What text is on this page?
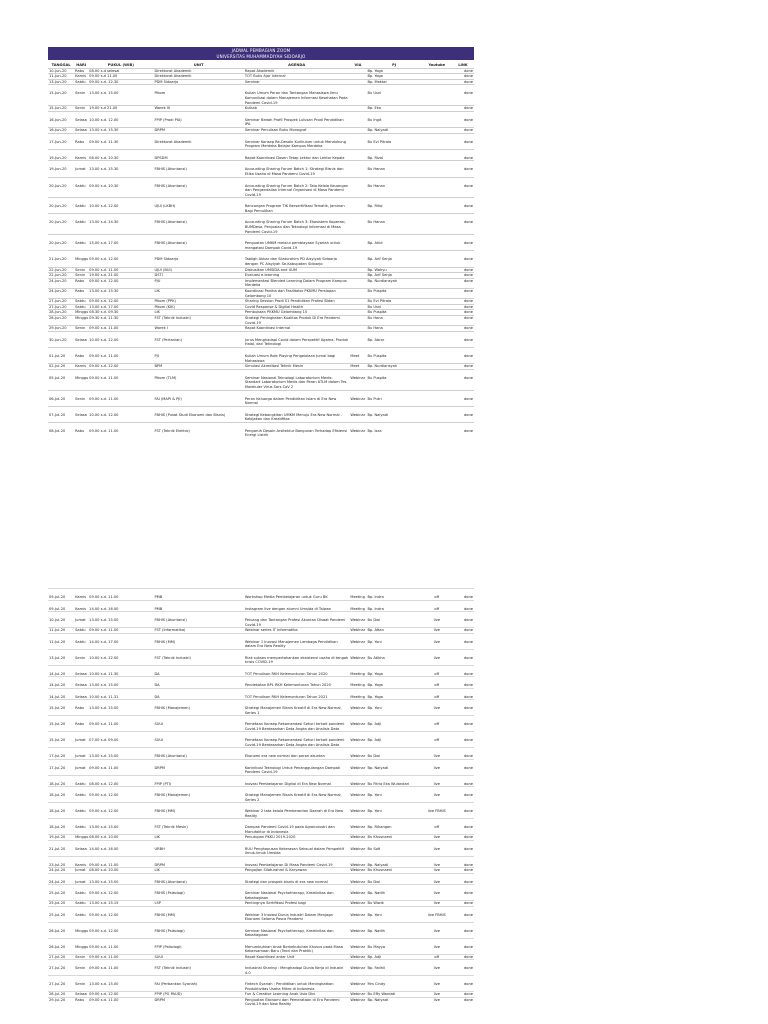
JADWAL PEMBAGIAN ZOOM
UNIVERSITAS MUHAMMADIYAH SIDOARJO
TANGGAL	HARI	PUKUL (WIB)	UNIT	AGENDA	VIA	PJ	Youtube	LINK
10-Jun-20	Rabu	08.00 s.d selesai	Direktorat Akademik	Rapat Akademik		Bp. Yoga		done
11-Jun-20	Kamis	09.00 s.d 11.00	Direktorat Akademik	TOT Buku Ajar Internal		Bp. Yoga		done
13-Jun-20	Sabtu	09.00 s.d. 12.30	PDM Sidoarjo	Seminar		Bp. Mektar		done
15-Jun-20	Senin	13.00 s.d. 15.00	Pikom	Kuliah Umum Peran dan Tantangan Mahasiswa Ilmu Komunikasi dalam Manajemen Informasi Kesehatan Pada Pandemi Covid-19		Bu Usni		done
15-Jun-20	Senin	19.00 s.d 21.00	Warek III	Kulkab		Bp. Eko		done
16-Jun-20	Selasa	10.00 s.d. 12.00	FPIP (Prodi PIA)	Seminar Bedah Profil Prospek Lulusan Prodi Pendidikan IPA		Bu Ingit		done
16-Jun-20	Selasa	13.00 s.d. 15.30	DRPM	Seminar Penulisan Buku Monograf		Bp. Nalyadi		done
17-Jun-20	Rabu	09.00 s.d. 11.30	Direktorat Akademik	Seminar Konsep Re-Desain Kurikulum untuk Mendukung Program Merdeka Belajar Kampus Merdeka		Bu Evi Pitrala		done
19-Jun-20	Kamis	08.00 s.d. 10.30	DPSDM	Rapat Koordinasi Dosen Tetap Lektor dan Lektor Kepala		Bp. Rizal		done
19-Jun-20	Jumat	13.00 s.d. 15.30	FBHIS (Akuntansi)	Accounting Sharing Forum Batch 1: Strategi Bisnis dan Etika Usaha di Masa Pandemi Covid-19		Bu Hanan		done
20-Jun-20	Sabtu	09.00 s.d. 10.30	FBHIS (Akuntansi)	Accounting Sharing Forum Batch 2: Tata Kelola Keuangan dan Pengendalian Internal Organisasi di Masa Pandemi Covid-19		Bu Hanan		done
20-Jun-20	Sabtu	10.00 s.d. 12.00	UJUI (LKBH)	Rancangan Program TIK Bersertifikasi Tematik, Jaminan Bagi Pemulihan		Bp. Rifqi		done
20-Jun-20	Sabtu	13.00 s.d. 14.30	FBHIS (Akuntansi)	Accounting Sharing Forum Batch 3: Ekosistem Koperasi, BUMDesa, Penjualan dan Teknologi Informasi di Masa Pandemi Covid-19		Bu Hanan		done
20-Jun-20	Sabtu	15.00 s.d. 17.00	FBHIS (Akuntansi)	Penguatan UMKM melalui pembiayaan Syariah untuk mengatasi Dampak Covid-19		Bp. Ahid		done
21-Jun-20	Minggu	09.00 s.d. 12.00	PDM Sidoarjo	Tabligh Akbar dan Silaturahim PD Aisyiyah Sidoarjo dengan PC Aisyiyah Se-Kabupaten Sidoarjo		Bp. Arif Senja		done
22-Jun-20	Senin	09.00 s.d. 11.00	UJUI (BUI)	Diskusikan UMSIDA and UUM		Bp. Wahyu		done
22-Jun-20	Senin	19.00 s.d. 21.00	DSTI	Evaluasi e-learning		Bp. Arif Senja		done
24-Jun-20	Rabu	09.00 s.d. 12.00	PJU	Implementasi Blended Learning Dalam Program Kampus Merdeka		Bp. Nurdiansyah		done
24-Jun-20	Rabu	13.00 s.d. 15.30	LIK	Koordinasi Panitia dan Fasilitator PKKMU Persiapan Gelombang 10		Bu Puspita		done
27-Jun-20	Sabtu	09.00 s.d. 12.00	Pikom (PPK)	Sharing Session Prodi S1 Pendidikan Profesi Bidan		Bu Evi Pitrala		done
27-Jun-20	Sabtu	13.00 s.d. 17.00	Pikom (KIK)	Covid Response & Digital Health		Bu Usni		done
28-Jun-20	Minggu	08.30 s.d. 09.30	LIK	Pembukaan PKKMU Gelombang 10		Bu Puspita		done
28-Jun-20	Minggu	09.30 s.d. 11.30	FST (Teknik Industri)	Strategi Peningkatan Kualitas Produk Di Era Pandemi Covid-19		Bu Hana		done
29-Jun-20	Senin	09.00 s.d. 11.00	Warek I	Rapat Koordinasi Internal		Bu Hana		done
30-Jun-20	Selasa	10.00 s.d. 12.00	FST (Pertanian)	Jurus Menghadapi Covid dalam Perspektif Agama, Produk Halal, dan Teknologi		Bp. Abror		done
01-Jul-20	Rabu	09.00 s.d. 11.00	PJI	Kuliah Umum Role Playing Pengelolaan Jurnal bagi Mahasiswa	Meet	Bu Puspita		done
02-Jul-20	Kamis	09.00 s.d. 12.00	BPM	Simulasi Akreditasi Teknik Mesin	Meet	Bp. Nurdiansyah		done
05-Jul-20	Minggu	09.00 s.d. 11.00	Pikom (TLM)	Seminar Nasional Teknologi Laboratorium Medis: Standart Laboratorium Medis dan Peran ATLM dalam Tes Molekuler Virus Sars CoV 2	Webinar	Bu Puspita		done
06-Jul-20	Senin	09.00 s.d. 11.00	FAI (MAPI & PJI)	Peran Keluarga dalam Pendidikan Islam di Era New Normal	Webinar	Bu Putri		done
07-Jul-20	Selasa	10.00 s.d. 12.00	FBHIS (Pusat Studi Ekonomi dan Bisnis)	Strategi Kebangkitan UMKM Menuju Era New Normal - Kebijakan dan Kreatifitas	Webinar	Bp. Nalyadi		done
08-Jul-20	Rabu	09.00 s.d. 11.00	FST (Teknik Elektro)	Pengaruh Desain Arsitektur Bangunan Terhadap Efisiensi Energi Listrik	Webinar	Bp. Izza		done
09-Jul-20	Kamis	09.00 s.d. 11.00	PMB	Workshop Media Pembelajaran untuk Guru BK	Meeting	Bp. Indra	off	done
09-Jul-20	Kamis	14.00 s.d. 16.00	PMB	Instagram live dengan alumni Umsida di Taiwan	Meeting	Bp. Indra	off	done
10-Jul-20	Jumat	13.00 s.d. 15.00	FBHIS (Akuntansi)	Peluang dan Tantangan Profesi Akuntan Disaat Pandemi Covid-19	Webinar	Bu Dwi	live	done
11-Jul-20	Sabtu	09.00 s.d. 11.00	FST (Informatika)	Webinar series IT Informatika	Webinar	Bp. Aftan	live	done
11-Jul-20	Sabtu	14.00 s.d. 17.00	FBHIS (MM)	Webinar 1 Inovasi Manajemen Lembaga Pendidikan dalam Era New Reality	Webinar	Bp. Yoni	live	done
13-Jul-20	Senin	10.00 s.d. 12.00	FST (Teknik Industri)	Riak sukses mempertahankan eksistensi usaha di tengah krisis COVID-19	Webinar	Bu Atikha	live	done
14-Jul-20	Selasa	10.00 s.d. 11.30	DA	TOT Penulisan RKH Kelemonturan Tahun 2020	Meeting	Bp. Yoga	off	done
14-Jul-20	Selasa	13.00 s.d. 15.00	DA	Pendekatan BPL RKH Kelemonturan Tahun 2020	Meeting	Bp. Yoga	off	done
14-Jul-20	Selasa	10.00 s.d. 11.31	DA	TOT Penulisan RKH Kelemonturan Tahun 2021	Meeting	Bp. Yoga	off	done
15-Jul-20	Rabu	13.00 s.d. 15.00	FBHIS (Manajemen)	Strategi Manajemen Bisnis Kreatif di Era New Normal, Series 1	Webinar	Bp. Yoni	live	done
15-Jul-20	Rabu	09.00 s.d. 11.00	SUUI	Pemetaan Konsep Rekomendasi Sekuri terkait pandemi Covid-19 Berdasarkan Data Angka dan Analisis Data	Webinar	Bp. Adji	off	done
15-Jul-20	Jumat	07.00 s.d. 09.00	SUUI	Pemetaan Konsep Rekomendasi Sekuri terkait pandemi Covid-19 Berdasarkan Data Angka dan Analisis Data	Webinar	Bp. Adji	off	done
17-Jul-20	Jumat	13.00 s.d. 15.00	FBHIS (Akuntansi)	Ekonomi era new normal dan peran akuntan	Webinar	Bu Dwi	live	done
17-Jul-20	Jumat	09.00 s.d. 11.00	DRPM	Kontribusi Teknologi Untuk Penanggulangan Dampak Pandemi Covid-19	Webinar	Bp. Nalyadi	live	done
18-Jul-20	Sabtu	08.00 s.d. 12.00	FPIP (PTI)	Inovasi Pembelajaran Digital di Era New Normal	Webinar	Bu Fitria Eka Wulandari	live	done
18-Jul-20	Sabtu	09.00 s.d. 12.00	FBHIS (Manajemen)	Strategi Manajemen Bisnis Kreatif di Era New Normal, Series 2	Webinar	Bp. Yoni	live	done
18-Jul-20	Sabtu	09.00 s.d. 12.00	FBHIS (MM)	Webinar 2 tata kelola Pemberontan Daerah di Era New Reality	Webinar	Bp. Yoni	live FBHIS	done
18-Jul-20	Sabtu	13.00 s.d. 15.00	FST (Teknik Mesin)	Dampak Pandemi Covid-19 pada Agroindustri dan Manufaktur di Indonesia	Webinar	Bp. Rihangan	off	done
19-Jul-20	Minggu	08.00 s.d. 10.00	LIK	Penutupan PKKU 2019-2020	Webinar	Bu Khusnaeni	live	done
21-Jul-20	Selasa	14.00 s.d. 16.00	URBH	RUU Penghapusan Kekerasan Seksual dalam Perspektif Ilmuk-ilmuk Umsida	Webinar	Bu Sofi	live	done
23-Jul-20	Kamis	09.00 s.d. 11.00	DRPM	Inovasi Pembelajaran Di Masa Pandemi Covid-19	Webinar	Bp. Nalyadi	live	done
24-Jul-20	Jumat	08.00 s.d. 10.00	LIK	Pengajian Silaturahmi & Karyawan	Webinar	Bu Khusnaeni	live	done
24-Jul-20	Jumat	13.00 s.d. 15.00	FBHIS (Akuntansi)	Strategi dan prospek bisnis di era new normal	Webinar	Bu Dwi	live	done
25-Jul-20	Sabtu	09.00 s.d. 12.00	FBHIS (Psikologi)	Seminar Nasional Psychotherapy, Kreativitas dan Kebahagiaan	Webinar	Bp. Nadih	live	done
25-Jul-20	Sabtu	13.00 s.d. 15.15	LSP	Pentingnya Sertifikasi Profesi bagi	Webinar	Bu Wiwik	live	done
25-Jul-20	Sabtu	09.00 s.d. 12.00	FBHIS (MM)	Webinar 3 Inovasi Dunia Industri Dalam Menjaga Ekonomi Selama Pasca Pandemi	Webinar	Bp. Yoni	live FBHIS	done
26-Jul-20	Minggu	09.00 s.d. 12.00	FBHIS (Psikologi)	Seminar Nasional Psychotherapy, Kreativitas dan Kebahagiaan	Webinar	Bp. Nadih	live	done
26-Jul-20	Minggu	09.00 s.d. 11.00	FPIP (Psikologi)	Menumbuhkan Anak Berkebutuhan Khusus pada Masa Kebersamaan Baru (Teori dan Praktik)	Webinar	Bu Mayya	live	done
27-Jul-20	Senin	09.00 s.d. 11.00	SUUI	Rapat Koordinasi antar Unit	Webinar	Bp. Adji	off	done
27-Jul-20	Senin	09.00 s.d. 11.00	FST (Teknik Industri)	Industrial Sharing : Menghadapi Dunia Kerja di Industri 4.0	Webinar	Bp. Fadhil	live	done
27-Jul-20	Senin	13.00 s.d. 15.00	FAI (Perbankan Syariah)	Fintech Syariah : Pendidikan untuk Meningkatkan Produktivitas Usaha Mikro di Indonesia	Webinar	Mrs Cindy	live	done
28-Jul-20	Selasa	09.00 s.d. 12.00	FPIP (PG PAUD)	Fun & Creative Learning Anak Usia Dini	Webinar	Bu Effy Wardati	live	done
29-Jul-20	Rabu	09.00 s.d. 11.00	DRPM	Penguatan Ekonomi dan Pemerataan di Era Pandemi Covid-19 dan New Reality	Webinar	Bp. Nalyadi	live	done
